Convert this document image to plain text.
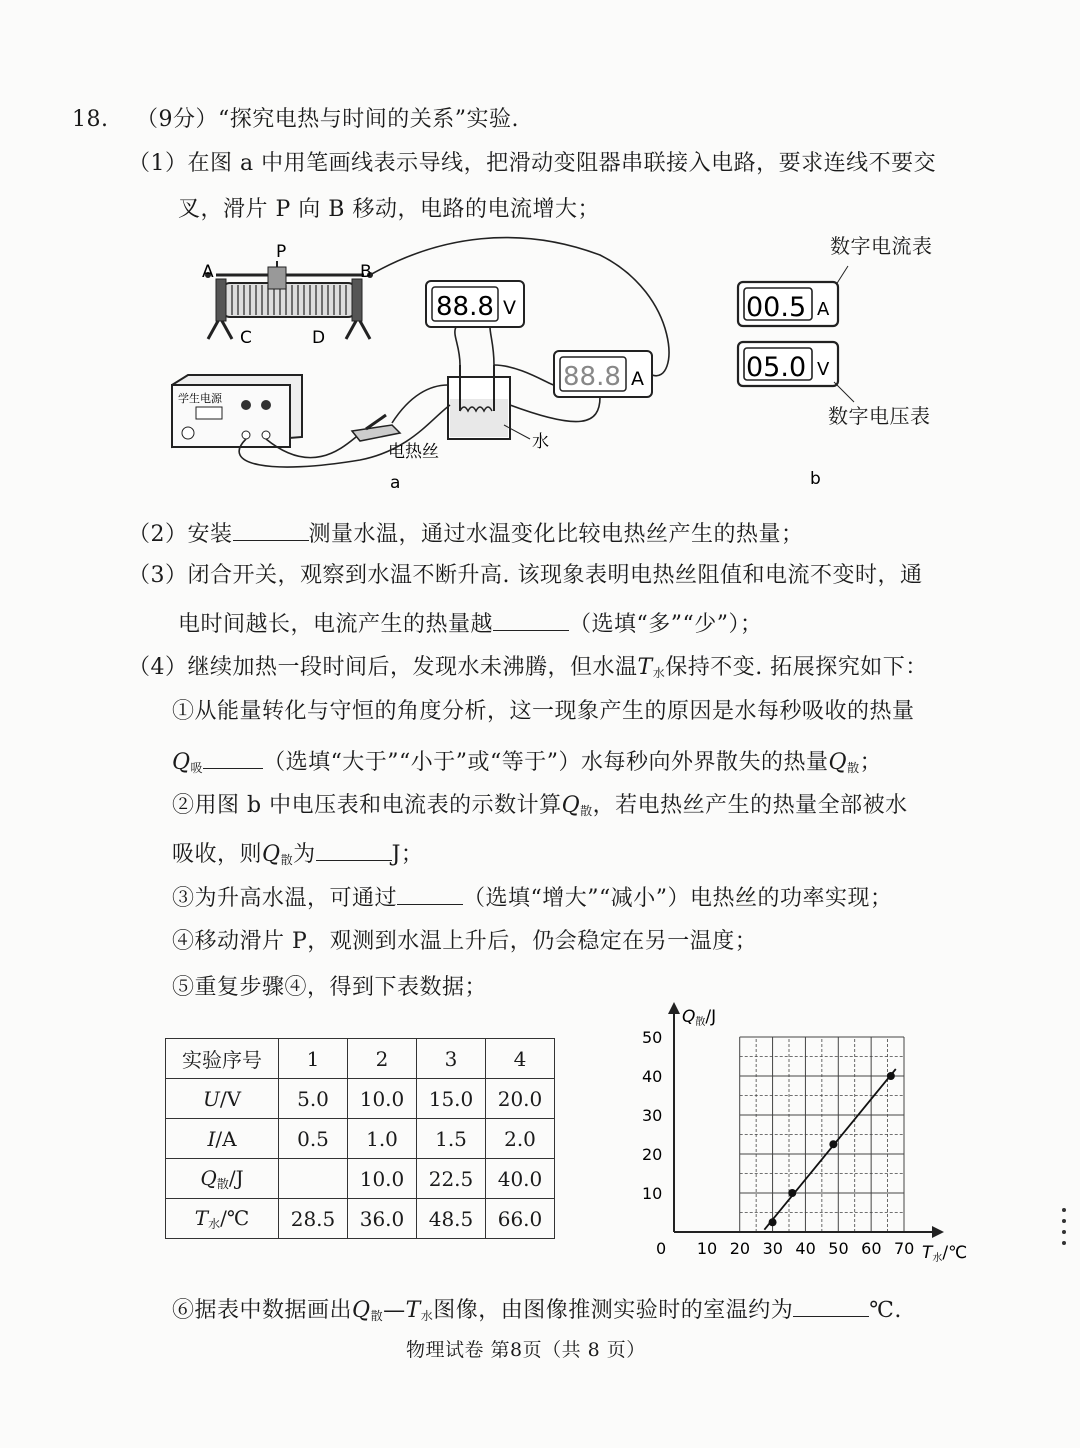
18. （9分）“探究电热与时间的关系”实验.
（1）在图 a 中用笔画线表示导线，把滑动变阻器串联接入电路，要求连线不要交
叉，滑片 P 向 B 移动，电路的电流增大；
A
P
B
C	D
88.8 V
88.8 A
学生电源
电热丝	水
a
数字电流表
00.5 A
05.0 V
b
数字电压表
（2）安装	测量水温，通过水温变化比较电热丝产生的热量；
（3）闭合开关，观察到水温不断升高. 该现象表明电热丝阻值和电流不变时，通
电时间越长，电流产生的热量越	（选填“多”“少”）；
（4）继续加热一段时间后，发现水未沸腾，但水温$T_水$保持不变. 拓展探究如下：
①从能量转化与守恒的角度分析，这一现象产生的原因是水每秒吸收的热量
$Q_吸$	（选填“大于”“小于”或“等于”）水每秒向外界散失的热量$Q_散$；
②用图 b 中电压表和电流表的示数计算$Q_散$，若电热丝产生的热量全部被水
吸收，则$Q_散$为	J；
③为升高水温，可通过	（选填“增大”“减小”）电热丝的功率实现；
④移动滑片 P，观测到水温上升后，仍会稳定在另一温度；
⑤重复步骤④，得到下表数据；
实验序号	1	2	3	4
U/V	5.0	10.0	15.0	20.0
I/A	0.5	1.0	1.5	2.0
$Q_散/J$		10.0	22.5	40.0
$T_水/℃$	28.5	36.0	48.5	66.0
0 10 20 30 40 50 60 70
10
20
30
40
50
Q散/J
T水/℃
⑥据表中数据画出$Q_散—T_水$图像，由图像推测实验时的室温约为	℃.
物理试卷 第8页（共 8 页）
